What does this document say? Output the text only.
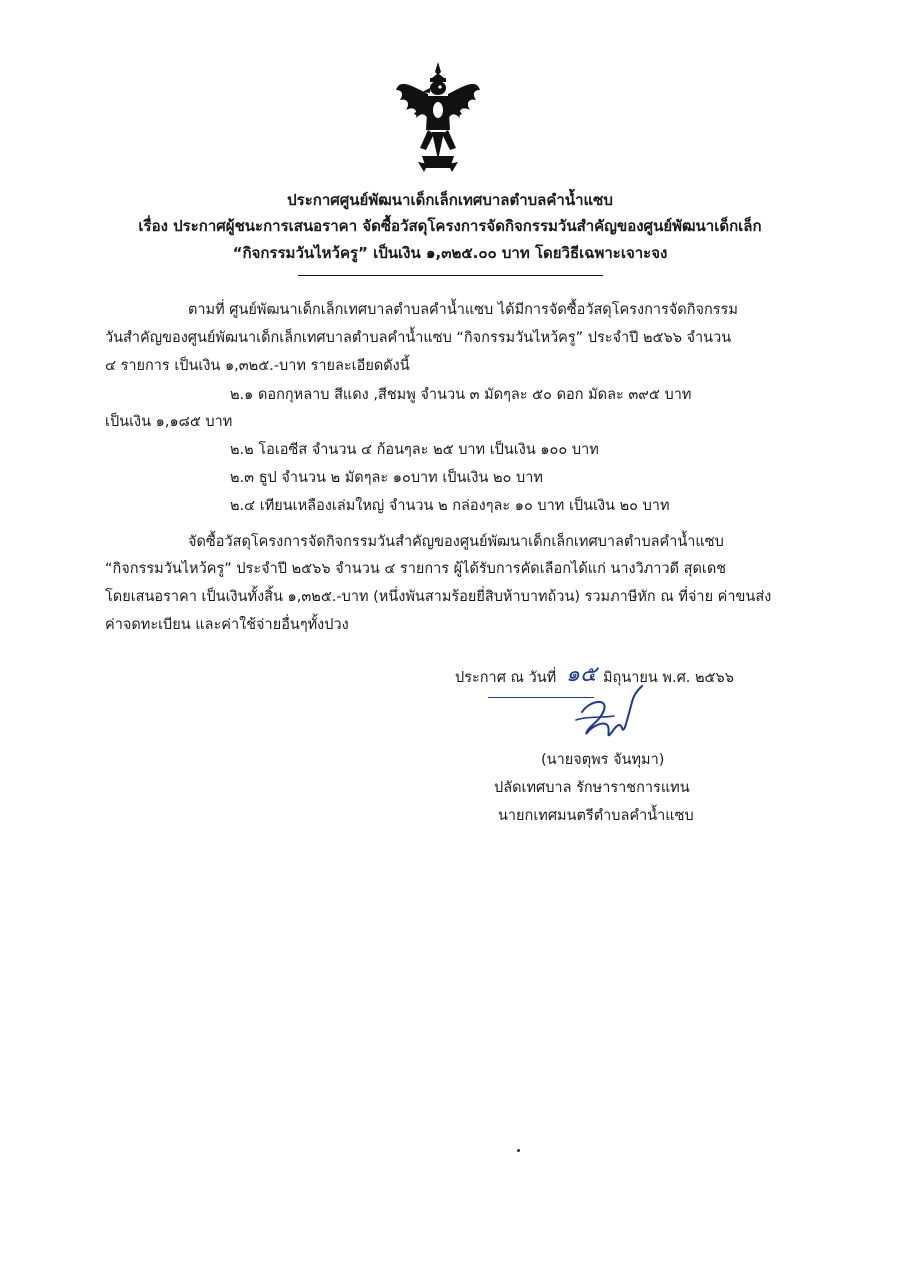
ประกาศศูนย์พัฒนาเด็กเล็กเทศบาลตำบลคำน้ำแซบ
เรื่อง ประกาศผู้ชนะการเสนอราคา จัดซื้อวัสดุโครงการจัดกิจกรรมวันสำคัญของศูนย์พัฒนาเด็กเล็ก
“กิจกรรมวันไหว้ครู” เป็นเงิน ๑,๓๒๕.๐๐ บาท โดยวิธีเฉพาะเจาะจง
ตามที่ ศูนย์พัฒนาเด็กเล็กเทศบาลตำบลคำน้ำแซบ ได้มีการจัดซื้อวัสดุโครงการจัดกิจกรรม
วันสำคัญของศูนย์พัฒนาเด็กเล็กเทศบาลตำบลคำน้ำแซบ “กิจกรรมวันไหว้ครู” ประจำปี ๒๕๖๖ จำนวน
๔ รายการ เป็นเงิน ๑,๓๒๕.-บาท รายละเอียดดังนี้
๒.๑ ดอกกุหลาบ สีแดง ,สีชมพู จำนวน ๓ มัดๆละ ๕๐ ดอก มัดละ ๓๙๕ บาท
เป็นเงิน ๑,๑๘๕ บาท
๒.๒ โอเอซีส จำนวน ๔ ก้อนๆละ ๒๕ บาท เป็นเงิน ๑๐๐ บาท
๒.๓ ธูป จำนวน ๒ มัดๆละ ๑๐บาท เป็นเงิน ๒๐ บาท
๒.๔ เทียนเหลืองเล่มใหญ่ จำนวน ๒ กล่องๆละ ๑๐ บาท เป็นเงิน ๒๐ บาท
จัดซื้อวัสดุโครงการจัดกิจกรรมวันสำคัญของศูนย์พัฒนาเด็กเล็กเทศบาลตำบลคำน้ำแซบ
“กิจกรรมวันไหว้ครู” ประจำปี ๒๕๖๖ จำนวน ๔ รายการ ผู้ได้รับการคัดเลือกได้แก่ นางวิภาวดี สุดเดช
โดยเสนอราคา เป็นเงินทั้งสิ้น ๑,๓๒๕.-บาท (หนึ่งพันสามร้อยยี่สิบห้าบาทถ้วน) รวมภาษีหัก ณ ที่จ่าย ค่าขนส่ง
ค่าจดทะเบียน และค่าใช้จ่ายอื่นๆทั้งปวง
ประกาศ ณ วันที่ ๑๕ มิถุนายน พ.ศ. ๒๕๖๖
(นายจตุพร จันทุมา)
ปลัดเทศบาล รักษาราชการแทน
นายกเทศมนตรีตำบลคำน้ำแซบ
